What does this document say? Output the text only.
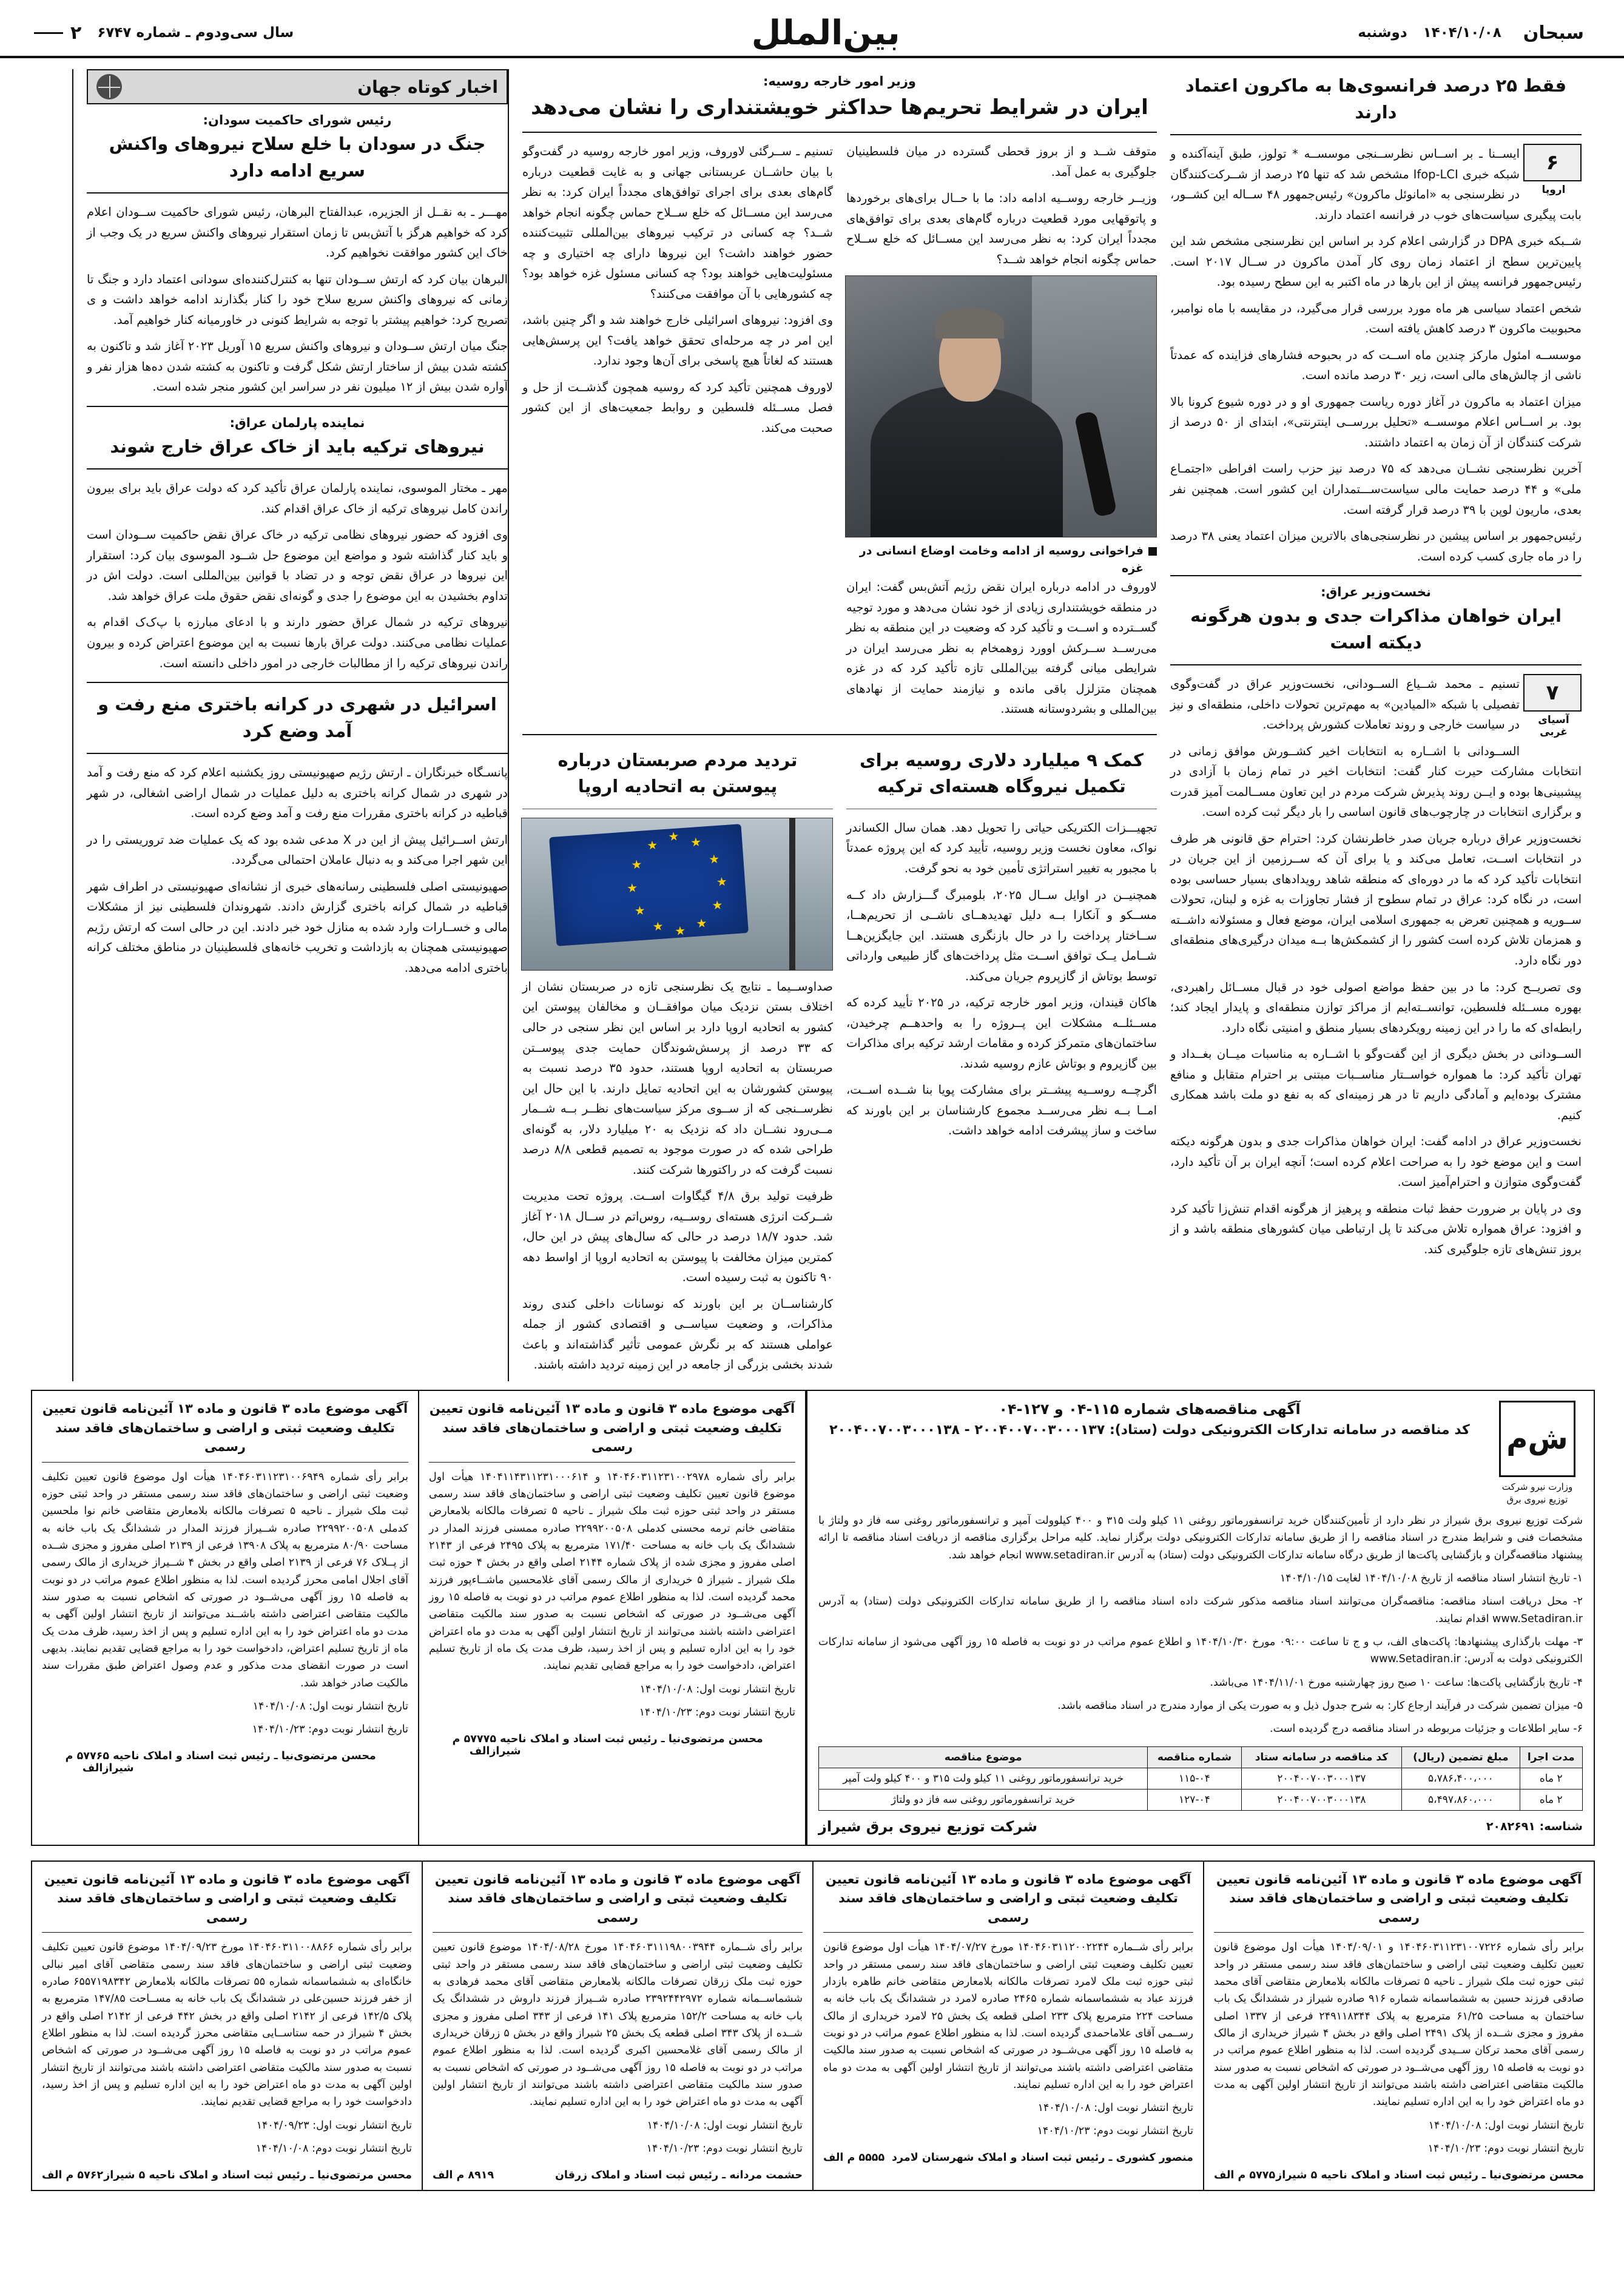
سبحان
۱۴۰۴/۱۰/۰۸
دوشنبه
بین‌الملل
سال سی‌ودوم ـ شماره ۶۷۴۷
۲
فقط ۲۵ درصد فرانسوی‌ها به ماکرون اعتماد دارند
۶
اروپا

ایســنا ـ بر اســاس نظرســنجی موسســه * تولوز، طبق آینه‌آکنده و شبکه خبری Ifop-LCI مشخص شد که تنها ۲۵ درصد از شــرکت‌کنندگان در نظرسنجی به «امانوئل ماکرون» رئیس‌جمهور ۴۸ ســاله این کشــور، بابت پیگیری سیاست‌های خوب در فرانسه اعتماد دارند.

شــبکه خبری DPA در گزارشی اعلام کرد بر اساس این نظرسنجی مشخص شد این پایین‌ترین سطح از اعتماد زمان روی کار آمدن ماکرون در ســال ۲۰۱۷ است. رئیس‌جمهور فرانسه پیش از این بارها در ماه اکتبر به این سطح رسیده بود.

شخص اعتماد سیاسی هر ماه مورد بررسی قرار می‌گیرد، در مقایسه با ماه نوامبر، محبوبیت ماکرون ۳ درصد کاهش یافته است.

موسســه امئول مارکز چندین ماه اســت که در بحبوحه فشارهای فزاینده که عمدتاً ناشی از چالش‌های مالی است، زیر ۳۰ درصد مانده است.

میزان اعتماد به ماکرون در آغاز دوره ریاست جمهوری او و در دوره شیوع کرونا بالا بود. بر اســاس اعلام موسســه «تحلیل بررســی اینترنتی»، ابتدای از ۵۰ درصد از شرکت کنندگان از آن زمان به اعتماد داشتند.

آخرین نظرسنجی نشــان می‌دهد که ۷۵ درصد نیز حزب راست افراطی «اجتمـاع ملی» و ۴۴ درصد حمایت مالی سیاست‌ســـتمداران این کشور است. همچنین نفر بعدی، ماریون لوپن با ۳۹ درصد قرار گرفته است.

رئیس‌جمهور بر اساس پیشین در نظرسنجی‌های بالاترین میزان اعتماد یعنی ۳۸ درصد را در ماه جاری کسب کرده است.

نخست‌وزیر عراق:
ایران خواهان مذاکرات جدی و بدون هرگونه دیکته است
۷
آسیای غربی

تسنیم ـ محمد شــیاع الســودانی، نخست‌وزیر عراق در گفت‌وگوی تفصیلی با شبکه «المیادین» به مهم‌ترین تحولات داخلی، منطقه‌ای و نیز در سیاست خارجی و روند تعاملات کشورش پرداخت.

الســودانی با اشــاره به انتخابات اخیر کشــورش موافق زمانی در انتخابات مشارکت حیرت کنار گفت: انتخابات اخیر در تمام زمان با آزادی در پیشبینی‌ها بوده و ایــن روند پذیرش شرکت مردم در این تعاون مســالمت آمیز قدرت و برگزاری انتخابات در چارچوب‌های قانون اساسی را بار دیگر ثبت کرده است.

نخست‌وزیر عراق درباره جریان صدر خاطرنشان کرد: احترام حق قانونی هر طرف در انتخابات اســت، تعامل می‌کند و یا برای آن که ســرزمین از این جریان در انتخابات تأکید کرد که ما در دوره‌ای که منطقه شاهد رویدادهای بسیار حساسی بوده است، در نگاه کرد: عراق در تمام سطوح از فشار تجاوزات به غزه و لبنان، تحولات ســوریه و همچنین تعرض به جمهوری اسلامی ایران، موضع فعال و مسئولانه داشــته و همزمان تلاش کرده است کشور را از کشمکش‌ها بــه میدان درگیری‌های منطقه‌ای دور نگاه دارد.

وی تصریــح کرد: ما در بین حفظ مواضع اصولی خود در قبال مســائل راهبردی، بهوره مســئله فلسطین، توانســته‌ایم از مراکز توازن منطقه‌ای و پایدار ایجاد کند؛ رابطه‌ای که ما را در این زمینه رویکردهای بسیار منطق و امنیتی نگاه دارد.

الســودانی در بخش دیگری از این گفت‌وگو با اشــاره به مناسبات میــان بغــداد و تهران تأکید کرد: ما همواره خواســتار مناســبات مبتنی بر احترام متقابل و منافع مشترک بوده‌ایم و آمادگی داریم تا در هر زمینه‌ای که به نفع دو ملت باشد همکاری کنیم.

نخست‌وزیر عراق در ادامه گفت: ایران خواهان مذاکرات جدی و بدون هرگونه دیکته است و این موضع خود را به صراحت اعلام کرده است؛ آنچه ایران بر آن تأکید دارد، گفت‌وگوی متوازن و احترام‌آمیز است.

وی در پایان بر ضرورت حفظ ثبات منطقه و پرهیز از هرگونه اقدام تنش‌زا تأکید کرد و افزود: عراق همواره تلاش می‌کند تا پل ارتباطی میان کشورهای منطقه باشد و از بروز تنش‌های تازه جلوگیری کند.

وزیر امور خارجه روسیه:
ایران در شرایط تحریم‌ها حداکثر خویشتنداری را نشان می‌دهد

متوقف شــد و از بروز قحطی گسترده در میان فلسطینیان جلوگیری به عمل آمد.

وزیــر خارجه روســیه ادامه داد: ما با حــال برای‌های برخوردها و پاتوقهایی مورد قطعیت درباره گام‌های بعدی برای توافق‌های مجدداً ایران کرد: به نظر می‌رسد این مســائل که خلع ســلاح حماس چگونه انجام خواهد شــد؟

فراخوانی روسیه از ادامه وخامت اوضاع انسانی در غزه

لاوروف در ادامه درباره ایران نقض رژیم آتش‌بس گفت: ایران در منطقه خویشتنداری زیادی از خود نشان می‌دهد و مورد توجیه گســترده و اســت و تأکید کرد که وضعیت در این منطقه به نظر می‌رســد ســرکش اوورد زوهمخام به نظر می‌رسد ایران در شرایطی میانی گرفته بین‌المللی تازه تأکید کرد که در غزه همچنان متزلزل باقی مانده و نیازمند حمایت از نهادهای بین‌المللی و بشردوستانه هستند.

تسنیم ـ ســرگئی لاوروف، وزیر امور خارجه روسیه در گفت‌وگو با بیان حاشــان عربستانی جهانی و به غایت قطعیت درباره گام‌های بعدی برای اجرای توافق‌های مجدداً ایران کرد: به نظر می‌رسد این مســائل که خلع ســلاح حماس چگونه انجام خواهد شــد؟ چه کسانی در ترکیب نیروهای بین‌المللی تثبیت‌کننده حضور خواهند داشت؟ این نیروها دارای چه اختیاری و چه مسئولیت‌هایی خواهند بود؟ چه کسانی مسئول غزه خواهد بود؟ چه کشورهایی با آن موافقت می‌کنند؟

وی افزود: نیروهای اسرائیلی خارج خواهند شد و اگر چنین باشد، این امر در چه مرحله‌ای تحقق خواهد یافت؟ این پرسش‌هایی هستند که لغاتاً هیچ پاسخی برای آن‌ها وجود ندارد.

لاوروف همچنین تأکید کرد که روسیه همچون گذشــت از حل و فصل مســئله فلسطین و روابط جمعیت‌های از این کشور صحبت می‌کند.

کمک ۹ میلیارد دلاری روسیه برای تکمیل نیروگاه هسته‌ای ترکیه

تجهیـــزات الکتریکی حیاتی را تحویل دهد. همان سال الکساندر نواک، معاون نخست وزیر روسیه، تأیید کرد که این پروژه عمدتاً با مجبور به تغییر استراتژی تأمین خود به نحو گرفت.

همچنیــن در اوایل ســال ۲۰۲۵، بلومبرگ گـــزارش داد کــه مســکو و آنکارا بــه دلیل تهدیدهــای ناشــی از تحریم‌هــا، ســاختار پرداخت را در حال بازنگری هستند. این جایگزین‌هــا شــامل یــک توافق اســت مثل پرداخت‌های گاز طبیعی وارداتی توسط بوتاش از گازپروم جریان می‌کند.

هاکان قیندان، وزیر امور خارجه ترکیه، در ۲۰۲۵ تأیید کرده که مســئلــه مشکلات این پــروژه را به واحدهــم چرخیدن، ساختمان‌های متمرکز کرده و مقامات ارشد ترکیه برای مذاکرات بین گازپروم و بوتاش عازم روسیه شدند.

اگرچــه روســیه پیشــتر برای مشارکت پویا بنا شــده اســت، امــا بــه نظر می‌رســد مجموع کارشناسان بر این باورند که ساخت و ساز پیشرفت ادامه خواهد داشت.

تردید مردم صربستان درباره پیوستن به اتحادیه اروپا

صداوســیما ـ نتایج یک نظرسنجی تازه در صربستان نشان از اختلاف بستن نزدیک میان موافقــان و مخالفان پیوستن این کشور به اتحادیه اروپا دارد بر اساس این نظر سنجی در حالی که ۳۳ درصد از پرسش‌شوندگان حمایت جدی پیوســتن صربستان به اتحادیه اروپا هستند، حدود ۳۵ درصد نسبت به پیوستن کشورشان به این اتحادیه تمایل دارند. با این حال این نظرســنجی که از ســوی مرکز سیاست‌های نظــر بــه شــمار مــی‌رود نشــان داد که نزدیک به ۲۰ میلیارد دلار، به گونه‌ای طراحی شده که در صورت موجود به تصمیم قطعی ۸/۸ درصد نسبت گرفت که در راکتورها شرکت کنند.

ظرفیت تولید برق ۴/۸ گیگاوات اســت. پروژه تحت مدیریت شــرکت انرژی هسته‌ای روســیه، روس‌اتم در ســال ۲۰۱۸ آغاز شد. حدود ۱۸/۷ درصد در حالی که سال‌های پیش در این حال، کمترین میزان مخالفت با پیوستن به اتحادیه اروپا از اواسط دهه ۹۰ تاکنون به ثبت رسیده است.

کارشناســان بر این باورند که نوسانات داخلی کندی روند مذاکرات، و وضعیت سیاســی و اقتصادی کشور از جمله عواملی هستند که بر نگرش عمومی تأثیر گذاشته‌اند و باعث شدند بخشی بزرگی از جامعه در این زمینه تردید داشته باشند.

اخبار کوتاه جهان
رئیس شورای حاکمیت سودان:
جنگ در سودان با خلع سلاح نیروهای واکنش سریع ادامه دارد

مهـــر ـ به نقــل از الجزیره، عبدالفتاح البرهان، رئیس شورای حاکمیت ســودان اعلام کرد که خواهیم هرگز با آتش‌بس تا زمان استقرار نیروهای واکنش سریع در یک وجب از خاک این کشور موافقت نخواهیم کرد.

البرهان بیان کرد که ارتش ســودان تنها به کنترل‌کننده‌ای سودانی اعتماد دارد و جنگ تا زمانی که نیروهای واکنش سریع سلاح خود را کنار بگذارند ادامه خواهد داشت و ی تصریح کرد: خواهیم پیشتر با توجه به شرایط کنونی در خاورمیانه کنار خواهیم آمد.

جنگ میان ارتش ســودان و نیروهای واکنش سریع ۱۵ آوریل ۲۰۲۳ آغاز شد و تاکنون به کشته شدن بیش از ساختار ارتش شکل گرفت و تاکنون به کشته شدن ده‌ها هزار نفر و آواره شدن بیش از ۱۲ میلیون نفر در سراسر این کشور منجر شده است.

نماینده پارلمان عراق:
نیروهای ترکیه باید از خاک عراق خارج شوند

مهر ـ مختار الموسوی، نماینده پارلمان عراق تأکید کرد که دولت عراق باید برای بیرون راندن کامل نیروهای ترکیه از خاک عراق اقدام کند.

وی افزود که حضور نیروهای نظامی ترکیه در خاک عراق نقض حاکمیت ســودان است و باید کنار گذاشته شود و مواضع این موضوع حل شــود الموسوی بیان کرد: استقرار این نیروها در عراق نقض توجه و در تضاد با قوانین بین‌المللی است. دولت اش در تداوم بخشیدن به این موضوع را جدی و گونه‌ای نقض حقوق ملت عراق خواهد شد.

نیروهای ترکیه در شمال عراق حضور دارند و با ادعای مبارزه با پ‌ک‌ک اقدام به عملیات نظامی می‌کنند. دولت عراق بارها نسبت به این موضوع اعتراض کرده و بیرون راندن نیروهای ترکیه را از مطالبات خارجی در امور داخلی دانسته است.

اسرائیل در شهری در کرانه باختری منع رفت و آمد وضع کرد

پانسـگاه خبرنگاران ـ ارتش رژیم صهیونیستی روز یکشنبه اعلام کرد که منع رفت و آمد در شهری در شمال کرانه باختری به دلیل عملیات در شمال اراضی اشغالی، در شهر قباطیه در کرانه باختری مقررات منع رفت و آمد وضع کرده است.

ارتش اســرائیل پیش از این در X مدعی شده بود که یک عملیات ضد تروریستی را در این شهر اجرا می‌کند و به دنبال عاملان احتمالی می‌گردد.

صهیونیستی اصلی فلسطینی رسانه‌های خبری از نشانه‌ای صهیونیستی در اطراف شهر قباطیه در شمال کرانه باختری گزارش دادند. شهروندان فلسطینی نیز از مشکلات مالی و خســارات وارد شده به منازل خود خبر دادند. این در حالی است که ارتش رژیم صهیونیستی همچنان به بازداشت و تخریب خانه‌های فلسطینیان در مناطق مختلف کرانه باختری ادامه می‌دهد.

ش‌م
وزارت نیرو شرکت توزیع نیروی برق
آگهی مناقصه‌های شماره ۱۱۵-۰۴ و ۱۲۷-۰۴
کد مناقصه در سامانه تدارکات الکترونیکی دولت (ستاد): ۲۰۰۴۰۰۷۰۰۳۰۰۰۱۳۷ - ۲۰۰۴۰۰۷۰۰۳۰۰۰۱۳۸
شرکت توزیع نیروی برق شیراز در نظر دارد از تأمین‌کنندگان خرید ترانسفورماتور روغنی ۱۱ کیلو ولت ۳۱۵ و ۴۰۰ کیلوولت آمپر و ترانسفورماتور روغنی سه فاز دو ولتاژ با مشخصات فنی و شرایط مندرج در اسناد مناقصه را از طریق سامانه تدارکات الکترونیکی دولت برگزار نماید. کلیه مراحل برگزاری مناقصه از دریافت اسناد مناقصه تا ارائه پیشنهاد مناقصه‌گران و بازگشایی پاکت‌ها از طریق درگاه سامانه تدارکات الکترونیکی دولت (ستاد) به آدرس www.setadiran.ir انجام خواهد شد.
۱- تاریخ انتشار اسناد مناقصه از تاریخ ۱۴۰۴/۱۰/۰۸ لغایت ۱۴۰۴/۱۰/۱۵
۲- محل دریافت اسناد مناقصه: مناقصه‌گران می‌توانند اسناد مناقصه مذکور شرکت داده اسناد مناقصه را از طریق سامانه تدارکات الکترونیکی دولت (ستاد) به آدرس www.Setadiran.ir اقدام نمایند.
۳- مهلت بارگذاری پیشنهادها: پاکت‌های الف، ب و ج تا ساعت ۰۹:۰۰ مورخ ۱۴۰۴/۱۰/۳۰ و اطلاع عموم مراتب در دو نوبت به فاصله ۱۵ روز آگهی می‌شود از سامانه تدارکات الکترونیکی دولت به آدرس: www.Setadiran.ir
۴- تاریخ بازگشایی پاکت‌ها: ساعت ۱۰ صبح روز چهارشنبه مورخ ۱۴۰۴/۱۱/۰۱ می‌باشد.
۵- میزان تضمین شرکت در فرآیند ارجاع کار: به شرح جدول ذیل و به صورت یکی از موارد مندرج در اسناد مناقصه باشد.
۶- سایر اطلاعات و جزئیات مربوطه در اسناد مناقصه درج گردیده است.
مدت اجرا	مبلغ تضمین (ریال)	کد مناقصه در سامانه ستاد	شماره مناقصه	موضوع مناقصه
۲ ماه	۵،۷۸۶،۴۰۰،۰۰۰	۲۰۰۴۰۰۷۰۰۳۰۰۰۱۳۷	۱۱۵-۰۴	خرید ترانسفورماتور روغنی ۱۱ کیلو ولت ۳۱۵ و ۴۰۰ کیلو ولت آمپر
۲ ماه	۵،۴۹۷،۸۶۰،۰۰۰	۲۰۰۴۰۰۷۰۰۳۰۰۰۱۳۸	۱۲۷-۰۴	خرید ترانسفورماتور روغنی سه فاز دو ولتاژ
شناسه: ۲۰۸۲۶۹۱
شرکت توزیع نیروی برق شیراز
آگهی موضوع ماده ۳ قانون و ماده ۱۳ آئین‌نامه قانون تعیین تکلیف وضعیت ثبتی و اراضی و ساختمان‌های فاقد سند رسمی
برابر رأی شماره ۱۴۰۴۶۰۳۱۱۲۳۱۰۰۲۹۷۸ و ۱۴۰۴۱۱۴۳۱۱۲۳۱۰۰۰۶۱۴ هیأت اول موضوع قانون تعیین تکلیف وضعیت ثبتی اراضی و ساختمان‌های فاقد سند رسمی مستقر در واحد ثبتی حوزه ثبت ملک شیراز ـ ناحیه ۵ تصرفات مالکانه بلامعارض متقاضی خانم ترمه محسنی کدملی ۲۲۹۹۲۰۰۵۰۸ صادره ممسنی فرزند المدار در ششدانگ یک باب خانه به مساحت ۱۷۱/۴۰ مترمربع به پلاک ۲۴۹۵ فرعی از ۲۱۴۳ اصلی مفروز و مجزی شده از پلاک شماره ۲۱۴۴ اصلی واقع در بخش ۴ حوزه ثبت ملک شیراز ـ شیراز ۵ خریداری از مالک رسمی آقای غلامحسین ماشــاءپور فرزند محمد گردیده است. لذا به منظور اطلاع عموم مراتب در دو نوبت به فاصله ۱۵ روز آگهی می‌شــود در صورتی که اشخاص نسبت به صدور سند مالکیت متقاضی اعتراضی داشته باشند می‌توانند از تاریخ انتشار اولین آگهی به مدت دو ماه اعتراض خود را به این اداره تسلیم و پس از اخذ رسید، ظرف مدت یک ماه از تاریخ تسلیم اعتراض، دادخواست خود را به مراجع قضایی تقدیم نمایند.
تاریخ انتشار نوبت اول: ۱۴۰۴/۱۰/۰۸
تاریخ انتشار نوبت دوم: ۱۴۰۴/۱۰/۲۳
محسن مرتضوی‌نیا ـ رئیس ثبت اسناد و املاک ناحیه ۵ شیراز
۵۷۷۷ م الف
آگهی موضوع ماده ۳ قانون و ماده ۱۳ آئین‌نامه قانون تعیین تکلیف وضعیت ثبتی و اراضی و ساختمان‌های فاقد سند رسمی
برابر رأی شماره ۱۴۰۴۶۰۳۱۱۲۳۱۰۰۶۹۴۹ هیأت اول موضوع قانون تعیین تکلیف وضعیت ثبتی اراضی و ساختمان‌های فاقد سند رسمی مستقر در واحد ثبتی حوزه ثبت ملک شیراز ـ ناحیه ۵ تصرفات مالکانه بلامعارض متقاضی خانم نوا ملحسین کدملی ۲۲۹۹۲۰۰۵۰۸ صادره شــیراز فرزند المدار در ششدانگ یک باب خانه به مساحت ۸۰/۹۰ مترمربع به پلاک ۱۳۹۰۸ فرعی از ۲۱۳۹ اصلی مفروز و مجزی شــده از پــلاک ۷۶ فرعی از ۲۱۳۹ اصلی واقع در بخش ۴ شــیراز خریداری از مالک رسمی آقای اجلال امامی محرز گردیده است. لذا به منظور اطلاع عموم مراتب در دو نوبت به فاصله ۱۵ روز آگهی می‌شــود در صورتی که اشخاص نسبت به صدور سند مالکیت متقاضی اعتراضی داشته باشــند می‌توانند از تاریخ انتشار اولین آگهی به مدت دو ماه اعتراض خود را به این اداره تسلیم و پس از اخذ رسید، ظرف مدت یک ماه از تاریخ تسلیم اعتراض، دادخواست خود را به مراجع قضایی تقدیم نمایند. بدیهی است در صورت انقضای مدت مذکور و عدم وصول اعتراض طبق مقررات سند مالکیت صادر خواهد شد.
تاریخ انتشار نوبت اول: ۱۴۰۴/۱۰/۰۸
تاریخ انتشار نوبت دوم: ۱۴۰۴/۱۰/۲۳
محسن مرتضوی‌نیا ـ رئیس ثبت اسناد و املاک ناحیه ۵ شیراز
۵۷۷۶ م الف
آگهی موضوع ماده ۳ قانون و ماده ۱۳ آئین‌نامه قانون تعیین تکلیف وضعیت ثبتی و اراضی و ساختمان‌های فاقد سند رسمی
برابر رأی شماره ۱۴۰۴۶۰۳۱۱۲۳۱۰۰۷۲۲۶ و ۱۴۰۴/۰۹/۰۱ هیأت اول موضوع قانون تعیین تکلیف وضعیت ثبتی اراضی و ساختمان‌های فاقد سند رسمی مستقر در واحد ثبتی حوزه ثبت ملک شیراز ـ ناحیه ۵ تصرفات مالکانه بلامعارض متقاضی آقای محمد صادقی فرزند حسین به ششماسمانه شماره ۹۱۶ صادره شیراز در ششدانگ یک باب ساختمان به مساحت ۶۱/۲۵ مترمربع به پلاک ۲۴۹۱۱۸۳۴۴ فرعی از ۱۳۳۷ اصلی مفروز و مجزی شــده از پلاک ۲۴۹۱ اصلی واقع در بخش ۴ شیراز خریداری از مالک رسمی آقای محمد ترکان ســیدی گردیده است. لذا به منظور اطلاع عموم مراتب در دو نوبت به فاصله ۱۵ روز آگهی می‌شــود در صورتی که اشخاص نسبت به صدور سند مالکیت متقاضی اعتراضی داشته باشند می‌توانند از تاریخ انتشار اولین آگهی به مدت دو ماه اعتراض خود را به این اداره تسلیم نمایند.
تاریخ انتشار نوبت اول: ۱۴۰۴/۱۰/۰۸
تاریخ انتشار نوبت دوم: ۱۴۰۴/۱۰/۲۳
محسن مرتضوی‌نیا ـ رئیس ثبت اسناد و املاک ناحیه ۵ شیراز
۵۷۷۵ م الف
آگهی موضوع ماده ۳ قانون و ماده ۱۳ آئین‌نامه قانون تعیین تکلیف وضعیت ثبتی و اراضی و ساختمان‌های فاقد سند رسمی
برابر رأی شــماره ۱۴۰۴۶۰۳۱۱۲۰۰۲۲۴۴ مورخ ۱۴۰۴/۰۷/۲۷ هیأت اول موضوع قانون تعیین تکلیف وضعیت ثبتی اراضی و ساختمان‌های فاقد سند رسمی مستقر در واحد ثبتی حوزه ثبت ملک لامرد تصرفات مالکانه بلامعارض متقاضی خانم طاهره بازدار فرزند عباد به ششماسمانه شماره ۲۴۶۵ صادره لامرد در ششدانگ یک باب خانه به مساحت ۲۲۴ مترمربع پلاک ۲۳۳ اصلی قطعه یک بخش ۲۵ لامرد خریداری از مالک رســمی آقای علاماحمدی گردیده است. لذا به منظور اطلاع عموم مراتب در دو نوبت به فاصله ۱۵ روز آگهی می‌شــود در صورتی که اشخاص نسبت به صدور سند مالکیت متقاضی اعتراضی داشته باشند می‌توانند از تاریخ انتشار اولین آگهی به مدت دو ماه اعتراض خود را به این اداره تسلیم نمایند.
تاریخ انتشار نوبت اول: ۱۴۰۴/۱۰/۰۸
تاریخ انتشار نوبت دوم: ۱۴۰۴/۱۰/۲۳
منصور کشوری ـ رئیس ثبت اسناد و املاک شهرستان لامرد
۵۵۵۵ م الف
آگهی موضوع ماده ۳ قانون و ماده ۱۳ آئین‌نامه قانون تعیین تکلیف وضعیت ثبتی و اراضی و ساختمان‌های فاقد سند رسمی
برابر رأی شــماره ۱۴۰۴۶۰۳۱۱۱۹۸۰۰۳۹۴۴ مورخ ۱۴۰۴/۰۸/۲۸ موضوع قانون تعیین تکلیف وضعیت ثبتی اراضی و ساختمان‌های فاقد سند رسمی مستقر در واحد ثبتی حوزه ثبت ملک زرقان تصرفات مالکانه بلامعارض متقاضی آقای محمد فرهادی به ششماســمانه شماره ۲۳۹۲۴۴۲۹۷۲ صادره شــیراز فرزند داروش در ششدانگ یک باب خانه به مساحت ۱۵۲/۲ مترمربع پلاک ۱۴۱ فرعی از ۳۴۳ اصلی مفروز و مجزی شــده از پلاک ۳۴۳ اصلی قطعه یک بخش ۲۵ شیراز واقع در بخش ۵ زرقان خریداری از مالک رسمی آقای غلامحسین اکبری گردیده است. لذا به منظور اطلاع عموم مراتب در دو نوبت به فاصله ۱۵ روز آگهی می‌شــود در صورتی که اشخاص نسبت به صدور سند مالکیت متقاضی اعتراضی داشته باشند می‌توانند از تاریخ انتشار اولین آگهی به مدت دو ماه اعتراض خود را به این اداره تسلیم نمایند.
تاریخ انتشار نوبت اول: ۱۴۰۴/۱۰/۰۸
تاریخ انتشار نوبت دوم: ۱۴۰۴/۱۰/۲۳
حشمت مردانه ـ رئیس ثبت اسناد و املاک زرقان
۸۹۱۹ م الف
آگهی موضوع ماده ۳ قانون و ماده ۱۳ آئین‌نامه قانون تعیین تکلیف وضعیت ثبتی و اراضی و ساختمان‌های فاقد سند رسمی
برابر رأی شماره ۱۴۰۴۶۰۳۱۱۰۰۸۸۶۶ مورخ ۱۴۰۴/۰۹/۲۳ موضوع قانون تعیین تکلیف وضعیت ثبتی اراضی و ساختمان‌های فاقد سند رسمی متقاضی آقای امیر نبالی خانگاه‌ای به ششماسمانه شماره ۵۵ تصرفات مالکانه بلامعارض ۶۵۵۷۱۹۸۳۴۲ صادره از خفر فرزند حسین‌علی در ششدانگ یک باب خانه به مســاحت ۱۴۷/۸۵ مترمربع به پلاک ۱۴۲/۵ فرعی از ۲۱۴۲ اصلی واقع در بخش ۴۴۲ فرعی از ۲۱۴۲ اصلی واقع در بخش ۴ شیراز در حمه ستاســایی متقاضی محرز گردیده است. لذا به منظور اطلاع عموم مراتب در دو نوبت به فاصله ۱۵ روز آگهی می‌شــود در صورتی که اشخاص نسبت به صدور سند مالکیت متقاضی اعتراضی داشته باشند می‌توانند از تاریخ انتشار اولین آگهی به مدت دو ماه اعتراض خود را به این اداره تسلیم و پس از اخذ رسید، دادخواست خود را به مراجع قضایی تقدیم نمایند.
تاریخ انتشار نوبت اول: ۱۴۰۴/۰۹/۲۳
تاریخ انتشار نوبت دوم: ۱۴۰۴/۱۰/۰۸
محسن مرتضوی‌نیا ـ رئیس ثبت اسناد و املاک ناحیه ۵ شیراز
۵۷۶۲ م الف
